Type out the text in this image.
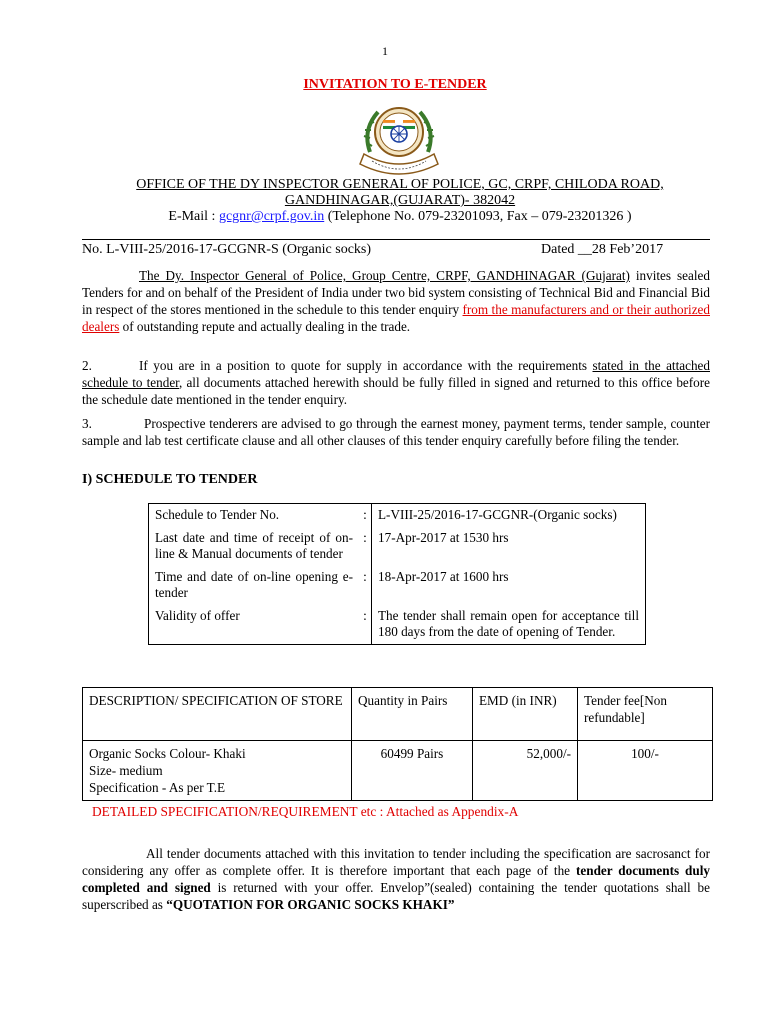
1
INVITATION TO E-TENDER
OFFICE OF THE DY INSPECTOR GENERAL OF POLICE, GC, CRPF, CHILODA ROAD,
GANDHINAGAR,(GUJARAT)- 382042
E-Mail : gcgnr@crpf.gov.in (Telephone No. 079-23201093, Fax – 079-23201326 )
No. L-VIII-25/2016-17-GCGNR-S (Organic socks)	Dated __28 Feb’2017
The Dy. Inspector General of Police, Group Centre, CRPF, GANDHINAGAR (Gujarat) invites sealed Tenders for and on behalf of the President of India under two bid system consisting of Technical Bid and Financial Bid in respect of the stores mentioned in the schedule to this tender enquiry from the manufacturers and or their authorized dealers of outstanding repute and actually dealing in the trade.
2.	If you are in a position to quote for supply in accordance with the requirements stated in the attached schedule to tender, all documents attached herewith should be fully filled in signed and returned to this office before the schedule date mentioned in the tender enquiry.
3.	Prospective tenderers are advised to go through the earnest money, payment terms, tender sample, counter sample and lab test certificate clause and all other clauses of this tender enquiry carefully before filing the tender.
I) SCHEDULE TO TENDER
Schedule to Tender No.	:	L-VIII-25/2016-17-GCGNR-(Organic socks)
Last date and time of receipt of on-line & Manual documents of tender	:	17-Apr-2017 at 1530 hrs
Time and date of on-line opening e-tender	:	18-Apr-2017 at 1600 hrs
Validity of offer	:	The tender shall remain open for acceptance till 180 days from the date of opening of Tender.
DESCRIPTION/ SPECIFICATION OF STORE	Quantity in Pairs	EMD (in INR)	Tender fee[Non refundable]

Organic Socks Colour- Khaki
Size- medium
Specification - As per T.E	60499 Pairs	52,000/-	100/-
DETAILED SPECIFICATION/REQUIREMENT etc : Attached as Appendix-A
All tender documents attached with this invitation to tender including the specification are sacrosanct for considering any offer as complete offer. It is therefore important that each page of the tender documents duly completed and signed is returned with your offer. Envelop”(sealed) containing the tender quotations shall be superscribed as “QUOTATION FOR ORGANIC SOCKS KHAKI”
